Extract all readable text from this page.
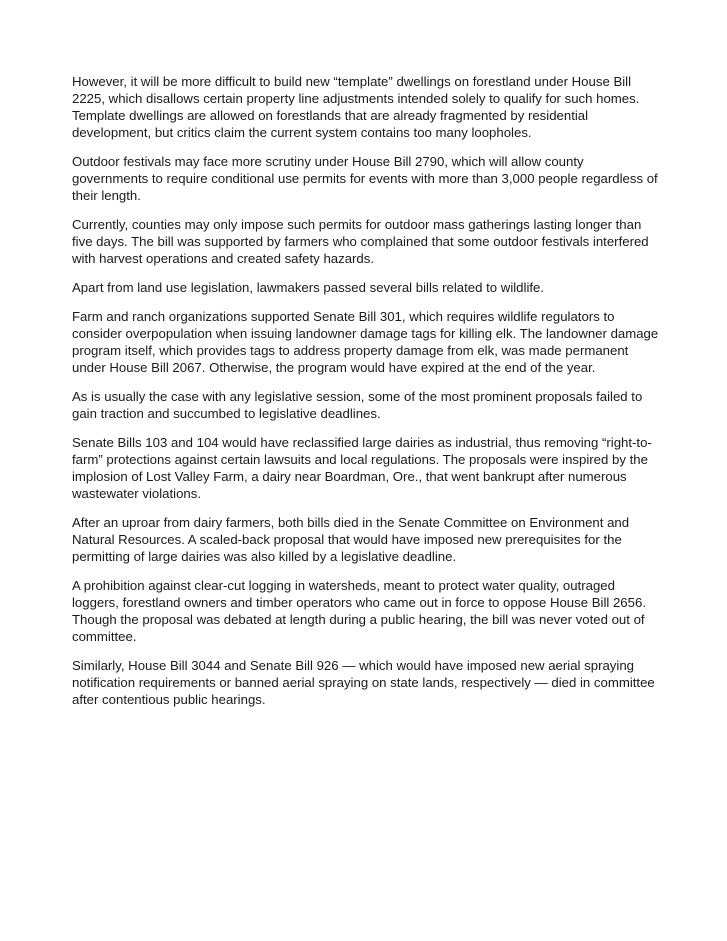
However, it will be more difficult to build new “template” dwellings on forestland under House Bill 2225, which disallows certain property line adjustments intended solely to qualify for such homes. Template dwellings are allowed on forestlands that are already fragmented by residential development, but critics claim the current system contains too many loopholes.

Outdoor festivals may face more scrutiny under House Bill 2790, which will allow county governments to require conditional use permits for events with more than 3,000 people regardless of their length.

Currently, counties may only impose such permits for outdoor mass gatherings lasting longer than five days. The bill was supported by farmers who complained that some outdoor festivals interfered with harvest operations and created safety hazards.

Apart from land use legislation, lawmakers passed several bills related to wildlife.

Farm and ranch organizations supported Senate Bill 301, which requires wildlife regulators to consider overpopulation when issuing landowner damage tags for killing elk. The landowner damage program itself, which provides tags to address property damage from elk, was made permanent under House Bill 2067. Otherwise, the program would have expired at the end of the year.

As is usually the case with any legislative session, some of the most prominent proposals failed to gain traction and succumbed to legislative deadlines.

Senate Bills 103 and 104 would have reclassified large dairies as industrial, thus removing “right-to-farm” protections against certain lawsuits and local regulations. The proposals were inspired by the implosion of Lost Valley Farm, a dairy near Boardman, Ore., that went bankrupt after numerous wastewater violations.

After an uproar from dairy farmers, both bills died in the Senate Committee on Environment and Natural Resources. A scaled-back proposal that would have imposed new prerequisites for the permitting of large dairies was also killed by a legislative deadline.

A prohibition against clear-cut logging in watersheds, meant to protect water quality, outraged loggers, forestland owners and timber operators who came out in force to oppose House Bill 2656. Though the proposal was debated at length during a public hearing, the bill was never voted out of committee.

Similarly, House Bill 3044 and Senate Bill 926 — which would have imposed new aerial spraying notification requirements or banned aerial spraying on state lands, respectively — died in committee after contentious public hearings.
